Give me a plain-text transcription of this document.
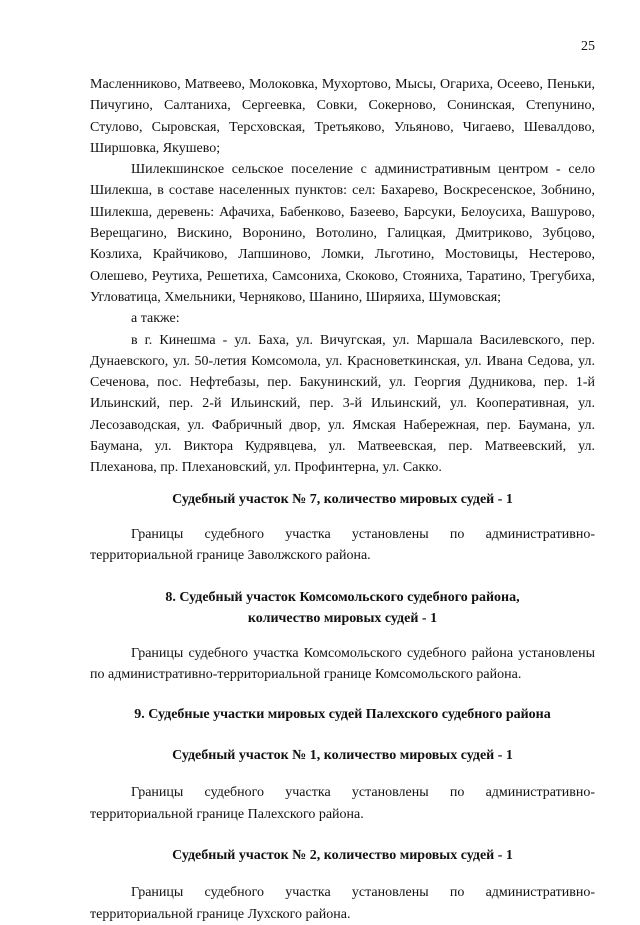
25

Масленниково, Матвеево, Молоковка, Мухортово, Мысы, Огариха, Осеево, Пеньки, Пичугино, Салтаниха, Сергеевка, Совки, Сокерново, Сонинская, Степунино, Стулово, Сыровская, Терсховская, Третьяково, Ульяново, Чигаево, Шевалдово, Ширшовка, Якушево;

Шилекшинское сельское поселение с административным центром - село Шилекша, в составе населенных пунктов: сел: Бахарево, Воскресенское, Зобнино, Шилекша, деревень: Афачиха, Бабенково, Базеево, Барсуки, Белоусиха, Вашурово, Верещагино, Вискино, Воронино, Вотолино, Галицкая, Дмитриково, Зубцово, Козлиха, Крайчиково, Лапшиново, Ломки, Льготино, Мостовицы, Нестерово, Олешево, Реутиха, Решетиха, Самсониха, Скоково, Стояниха, Таратино, Трегубиха, Угловатица, Хмельники, Черняково, Шанино, Ширяиха, Шумовская;

а также:

в г. Кинешма - ул. Баха, ул. Вичугская, ул. Маршала Василевского, пер. Дунаевского, ул. 50-летия Комсомола, ул. Красноветкинская, ул. Ивана Седова, ул. Сеченова, пос. Нефтебазы, пер. Бакунинский, ул. Георгия Дудникова, пер. 1-й Ильинский, пер. 2-й Ильинский, пер. 3-й Ильинский, ул. Кооперативная, ул. Лесозаводская, ул. Фабричный двор, ул. Ямская Набережная, пер. Баумана, ул. Баумана, ул. Виктора Кудрявцева, ул. Матвеевская, пер. Матвеевский, ул. Плеханова, пр. Плехановский, ул. Профинтерна, ул. Сакко.

Судебный участок № 7, количество мировых судей - 1

Границы судебного участка установлены по административно-территориальной границе Заволжского района.

8. Судебный участок Комсомольского судебного района,
количество мировых судей - 1

Границы судебного участка Комсомольского судебного района установлены по административно-территориальной границе Комсомольского района.

9. Судебные участки мировых судей Палехского судебного района

Судебный участок № 1, количество мировых судей - 1

Границы судебного участка установлены по административно-территориальной границе Палехского района.

Судебный участок № 2, количество мировых судей - 1

Границы судебного участка установлены по административно-территориальной границе Лухского района.
